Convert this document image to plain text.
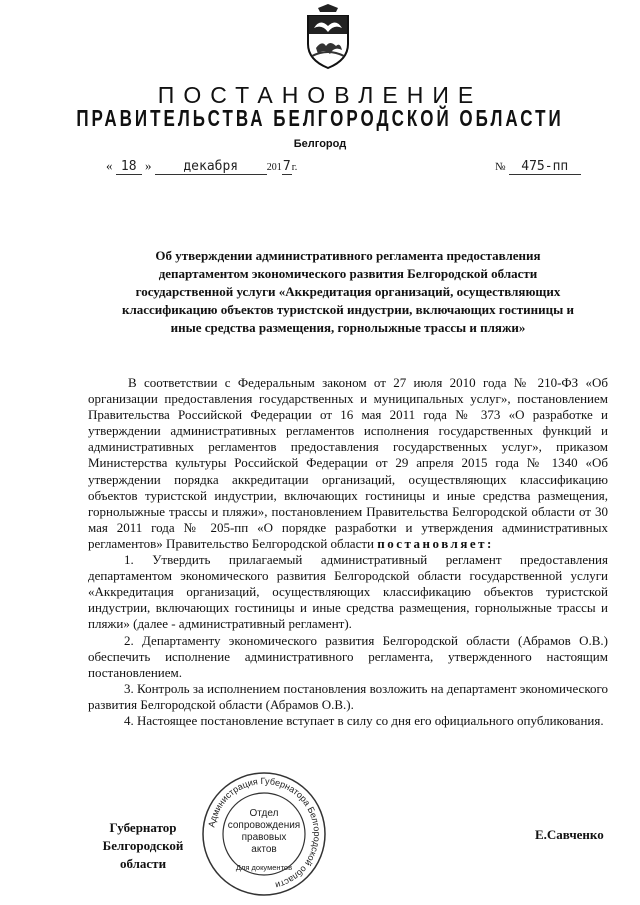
ПОСТАНОВЛЕНИЕ
ПРАВИТЕЛЬСТВА БЕЛГОРОДСКОЙ ОБЛАСТИ
Белгород
« 18 » декабря	2017г.	№ 475-пп
Об утверждении административного регламента предоставления
департаментом экономического развития Белгородской области
государственной услуги «Аккредитация организаций, осуществляющих
классификацию объектов туристской индустрии, включающих гостиницы и
иные средства размещения, горнолыжные трассы и пляжи»

В соответствии с Федеральным законом от 27 июля 2010 года № 210-ФЗ «Об организации предоставления государственных и муниципальных услуг», постановлением Правительства Российской Федерации от 16 мая 2011 года № 373 «О разработке и утверждении административных регламентов исполнения государственных функций и административных регламентов предоставления государственных услуг», приказом Министерства культуры Российской Федерации от 29 апреля 2015 года № 1340 «Об утверждении порядка аккредитации организаций, осуществляющих классификацию объектов туристской индустрии, включающих гостиницы и иные средства размещения, горнолыжные трассы и пляжи», постановлением Правительства Белгородской области от 30 мая 2011 года № 205-пп «О порядке разработки и утверждения административных регламентов» Правительство Белгородской области постановляет:

1. Утвердить прилагаемый административный регламент предоставления департаментом экономического развития Белгородской области государственной услуги «Аккредитация организаций, осуществляющих классификацию объектов туристской индустрии, включающих гостиницы и иные средства размещения, горнолыжные трассы и пляжи» (далее - административный регламент).

2. Департаменту экономического развития Белгородской области (Абрамов О.В.) обеспечить исполнение административного регламента, утвержденного настоящим постановлением.

3. Контроль за исполнением постановления возложить на департамент экономического развития Белгородской области (Абрамов О.В.).

4. Настоящее постановление вступает в силу со дня его официального опубликования.

Губернатор
Белгородской области
Е.Савченко
Администрация Губернатора Белгородской области
Отдел
сопровождения
правовых
актов
Для документов
